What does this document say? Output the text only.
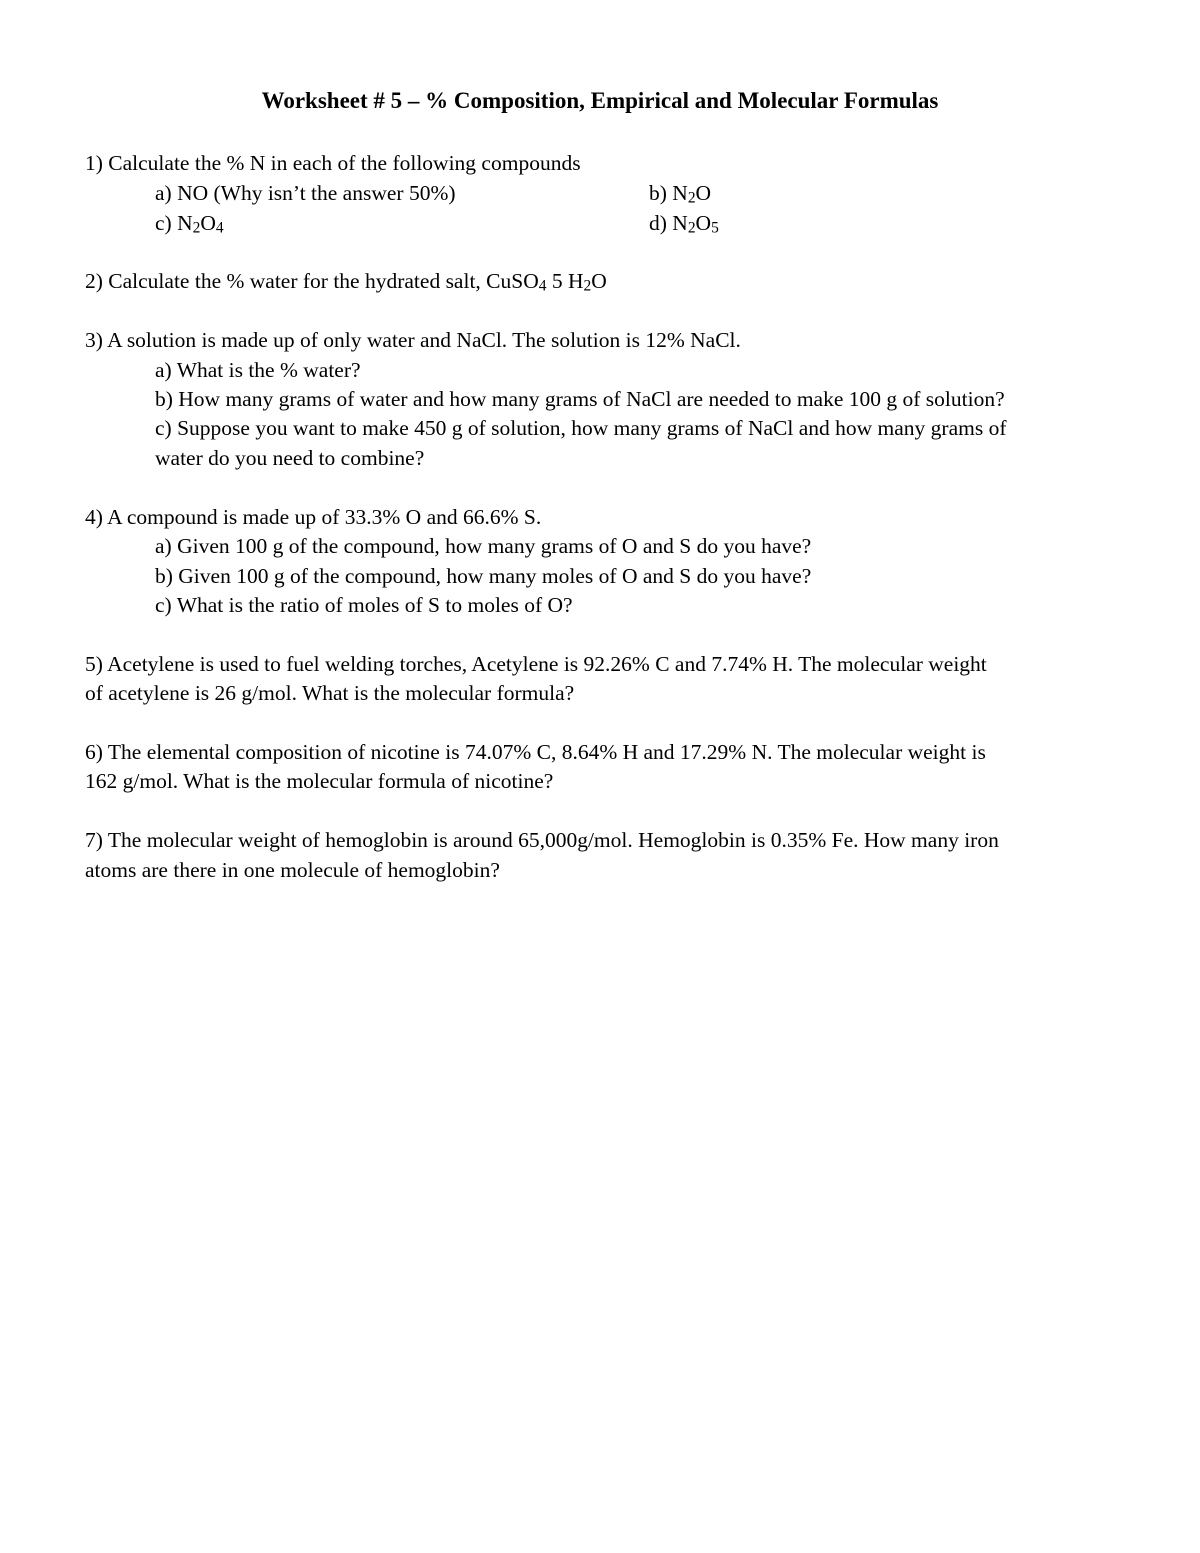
Worksheet # 5 – % Composition, Empirical and Molecular Formulas
1) Calculate the % N in each of the following compounds
a) NO (Why isn’t the answer 50%)	b) $N_2O$
c) $N_2O_4$	d) $N_2O_5$
2) Calculate the % water for the hydrated salt, CuSO$_4$ 5 $H_2O$
3) A solution is made up of only water and NaCl. The solution is 12% NaCl.
a) What is the % water?
b) How many grams of water and how many grams of NaCl are needed to make 100 g of solution?
c) Suppose you want to make 450 g of solution, how many grams of NaCl and how many grams of
water do you need to combine?
4) A compound is made up of 33.3% O and 66.6% S.
a) Given 100 g of the compound, how many grams of O and S do you have?
b) Given 100 g of the compound, how many moles of O and S do you have?
c) What is the ratio of moles of S to moles of O?
5) Acetylene is used to fuel welding torches, Acetylene is 92.26% C and 7.74% H. The molecular weight
of acetylene is 26 g/mol. What is the molecular formula?
6) The elemental composition of nicotine is 74.07% C, 8.64% H and 17.29% N. The molecular weight is
162 g/mol. What is the molecular formula of nicotine?
7) The molecular weight of hemoglobin is around 65,000g/mol. Hemoglobin is 0.35% Fe. How many iron
atoms are there in one molecule of hemoglobin?
